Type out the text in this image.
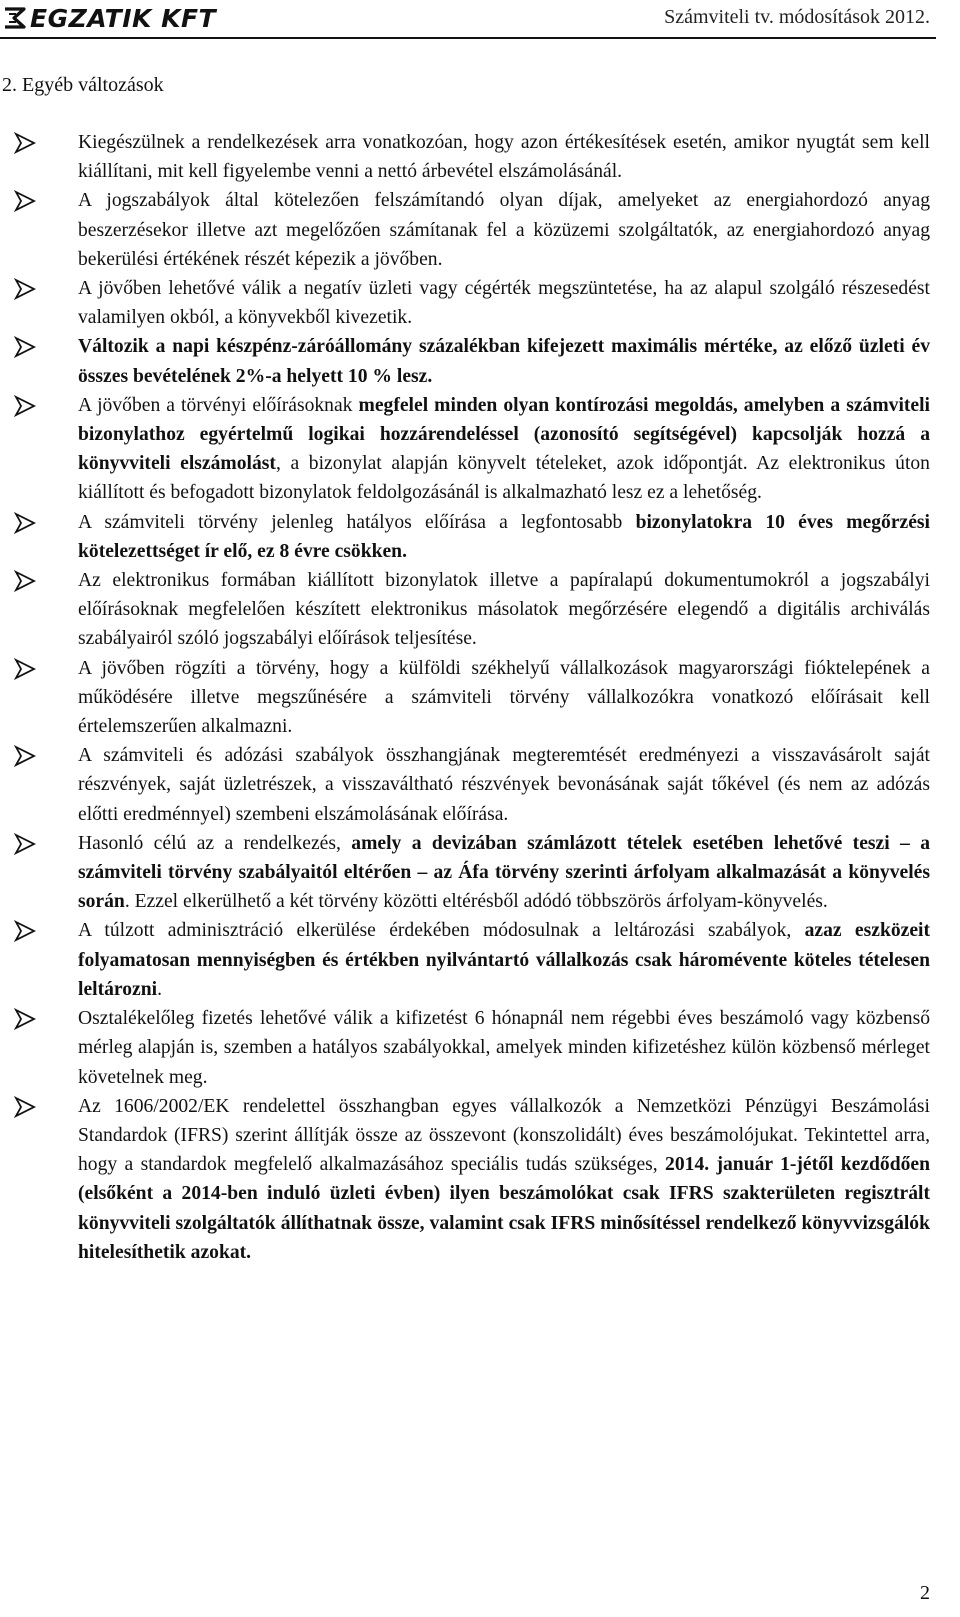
EGZATIK KFT	Számviteli tv. módosítások 2012.
2. Egyéb változások
Kiegészülnek a rendelkezések arra vonatkozóan, hogy azon értékesítések esetén, amikor nyugtát sem kell kiállítani, mit kell figyelembe venni a nettó árbevétel elszámolásánál.
A jogszabályok által kötelezően felszámítandó olyan díjak, amelyeket az energiahordozó anyag beszerzésekor illetve azt megelőzően számítanak fel a közüzemi szolgáltatók, az energiahordozó anyag bekerülési értékének részét képezik a jövőben.
A jövőben lehetővé válik a negatív üzleti vagy cégérték megszüntetése, ha az alapul szolgáló részesedést valamilyen okból, a könyvekből kivezetik.
Változik a napi készpénz-záróállomány százalékban kifejezett maximális mértéke, az előző üzleti év összes bevételének 2%-a helyett 10 % lesz.
A jövőben a törvényi előírásoknak megfelel minden olyan kontírozási megoldás, amelyben a számviteli bizonylathoz egyértelmű logikai hozzárendeléssel (azonosító segítségével) kapcsolják hozzá a könyvviteli elszámolást, a bizonylat alapján könyvelt tételeket, azok időpontját. Az elektronikus úton kiállított és befogadott bizonylatok feldolgozásánál is alkalmazható lesz ez a lehetőség.
A számviteli törvény jelenleg hatályos előírása a legfontosabb bizonylatokra 10 éves megőrzési kötelezettséget ír elő, ez 8 évre csökken.
Az elektronikus formában kiállított bizonylatok illetve a papíralapú dokumentumokról a jogszabályi előírásoknak megfelelően készített elektronikus másolatok megőrzésére elegendő a digitális archiválás szabályairól szóló jogszabályi előírások teljesítése.
A jövőben rögzíti a törvény, hogy a külföldi székhelyű vállalkozások magyarországi fióktelepének a működésére illetve megszűnésére a számviteli törvény vállalkozókra vonatkozó előírásait kell értelemszerűen alkalmazni.
A számviteli és adózási szabályok összhangjának megteremtését eredményezi a visszavásárolt saját részvények, saját üzletrészek, a visszaváltható részvények bevonásának saját tőkével (és nem az adózás előtti eredménnyel) szembeni elszámolásának előírása.
Hasonló célú az a rendelkezés, amely a devizában számlázott tételek esetében lehetővé teszi – a számviteli törvény szabályaitól eltérően – az Áfa törvény szerinti árfolyam alkalmazását a könyvelés során. Ezzel elkerülhető a két törvény közötti eltérésből adódó többszörös árfolyam-könyvelés.
A túlzott adminisztráció elkerülése érdekében módosulnak a leltározási szabályok, azaz eszközeit folyamatosan mennyiségben és értékben nyilvántartó vállalkozás csak háromévente köteles tételesen leltározni.
Osztalékelőleg fizetés lehetővé válik a kifizetést 6 hónapnál nem régebbi éves beszámoló vagy közbenső mérleg alapján is, szemben a hatályos szabályokkal, amelyek minden kifizetéshez külön közbenső mérleget követelnek meg.
Az 1606/2002/EK rendelettel összhangban egyes vállalkozók a Nemzetközi Pénzügyi Beszámolási Standardok (IFRS) szerint állítják össze az összevont (konszolidált) éves beszámolójukat. Tekintettel arra, hogy a standardok megfelelő alkalmazásához speciális tudás szükséges, 2014. január 1-jétől kezdődően (elsőként a 2014-ben induló üzleti évben) ilyen beszámolókat csak IFRS szakterületen regisztrált könyvviteli szolgáltatók állíthatnak össze, valamint csak IFRS minősítéssel rendelkező könyvvizsgálók hitelesíthetik azokat.
2
